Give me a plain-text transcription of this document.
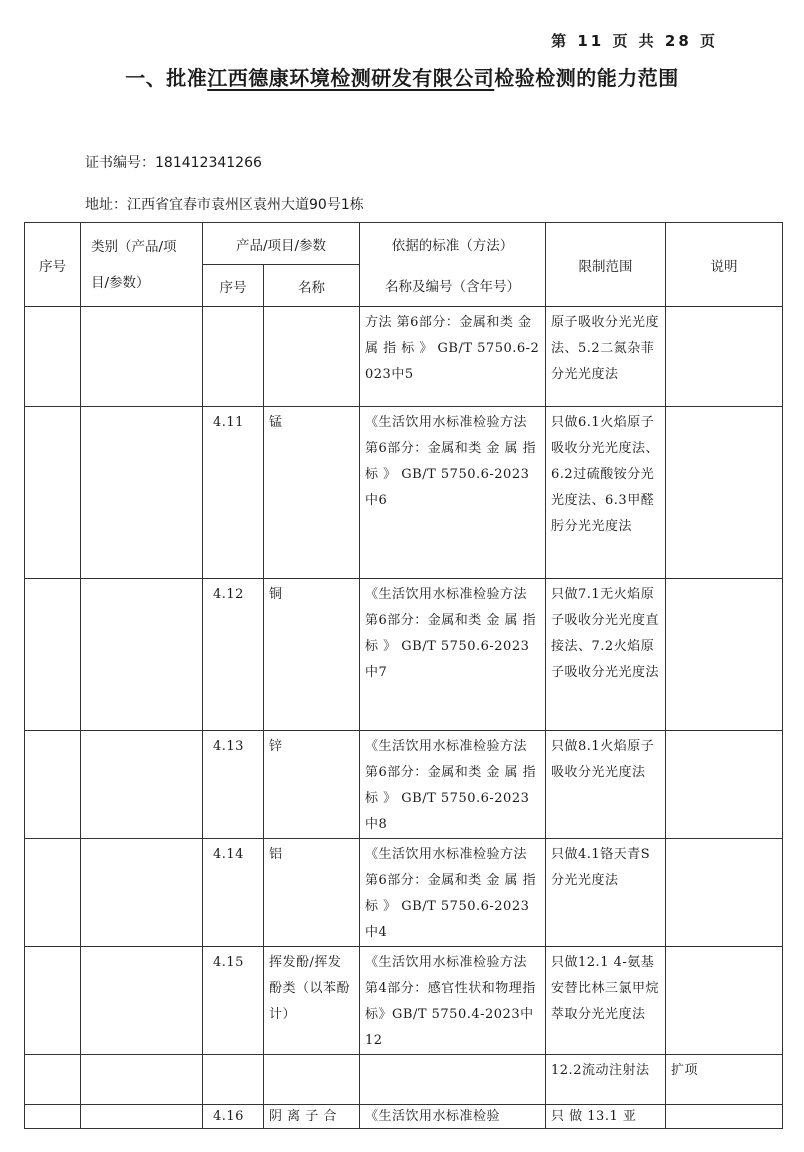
第 11 页 共 28 页
一、批准江西德康环境检测研发有限公司检验检测的能力范围
证书编号：181412341266
地址：江西省宜春市袁州区袁州大道90号1栋
序号	类别（产品/项目/参数）	产品/项目/参数		依据的标准（方法）	限制范围	说明
		序号	名称	名称及编号（含年号）		

				方法 第6部分：金属和类 金 属 指 标 》 GB/T 5750.6-2023中5	原子吸收分光光度法、5.2二氮杂菲分光光度法	

		4.11	锰	《生活饮用水标准检验方法 第6部分：金属和类 金 属 指 标 》 GB/T 5750.6-2023中6	只做6.1火焰原子吸收分光光度法、6.2过硫酸铵分光光度法、6.3甲醛肟分光光度法	

		4.12	铜	《生活饮用水标准检验方法 第6部分：金属和类 金 属 指 标 》 GB/T 5750.6-2023中7	只做7.1无火焰原子吸收分光光度直接法、7.2火焰原子吸收分光光度法	

		4.13	锌	《生活饮用水标准检验方法 第6部分：金属和类 金 属 指 标 》 GB/T 5750.6-2023中8	只做8.1火焰原子吸收分光光度法	

		4.14	铝	《生活饮用水标准检验方法 第6部分：金属和类 金 属 指 标 》 GB/T 5750.6-2023中4	只做4.1铬天青S分光光度法	

		4.15	挥发酚/挥发酚类（以苯酚计）	《生活饮用水标准检验方法 第4部分：感官性状和物理指标》GB/T 5750.4-2023中12	只做12.1 4-氨基安替比林三氯甲烷萃取分光光度法	

					12.2流动注射法	扩项

		4.16	阴 离 子 合	《生活饮用水标准检验	只 做 13.1 亚	
